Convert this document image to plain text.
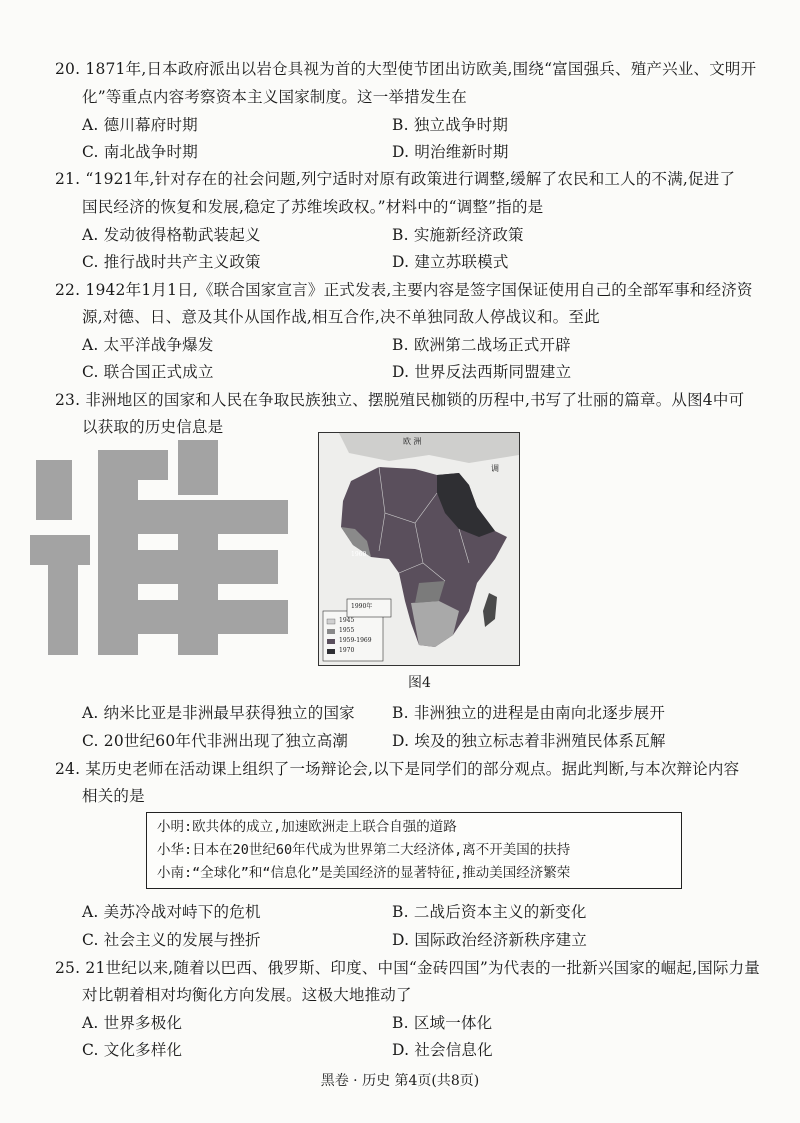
20. 1871年,日本政府派出以岩仓具视为首的大型使节团出访欧美,围绕“富国强兵、殖产兴业、文明开
化”等重点内容考察资本主义国家制度。这一举措发生在
A. 德川幕府时期	B. 独立战争时期
C. 南北战争时期	D. 明治维新时期
21. “1921年,针对存在的社会问题,列宁适时对原有政策进行调整,缓解了农民和工人的不满,促进了
国民经济的恢复和发展,稳定了苏维埃政权。”材料中的“调整”指的是
A. 发动彼得格勒武装起义	B. 实施新经济政策
C. 推行战时共产主义政策	D. 建立苏联模式
22. 1942年1月1日,《联合国家宣言》正式发表,主要内容是签字国保证使用自己的全部军事和经济资
源,对德、日、意及其仆从国作战,相互合作,决不单独同敌人停战议和。至此
A. 太平洋战争爆发	B. 欧洲第二战场正式开辟
C. 联合国正式成立	D. 世界反法西斯同盟建立
23. 非洲地区的国家和人民在争取民族独立、摆脱殖民枷锁的历程中,书写了壮丽的篇章。从图4中可
以获取的历史信息是
欧 洲
调
1960
1990年
1945
1955
1959-1969
1970
图4
A. 纳米比亚是非洲最早获得独立的国家 B. 非洲独立的进程是由南向北逐步展开
C. 20世纪60年代非洲出现了独立高潮	D. 埃及的独立标志着非洲殖民体系瓦解
24. 某历史老师在活动课上组织了一场辩论会,以下是同学们的部分观点。据此判断,与本次辩论内容
相关的是
小明:欧共体的成立,加速欧洲走上联合自强的道路
小华:日本在20世纪60年代成为世界第二大经济体,离不开美国的扶持
小南:“全球化”和“信息化”是美国经济的显著特征,推动美国经济繁荣
A. 美苏冷战对峙下的危机	B. 二战后资本主义的新变化
C. 社会主义的发展与挫折	D. 国际政治经济新秩序建立
25. 21世纪以来,随着以巴西、俄罗斯、印度、中国“金砖四国”为代表的一批新兴国家的崛起,国际力量
对比朝着相对均衡化方向发展。这极大地推动了
A. 世界多极化	B. 区域一体化
C. 文化多样化	D. 社会信息化
黑卷 · 历史 第4页(共8页)
